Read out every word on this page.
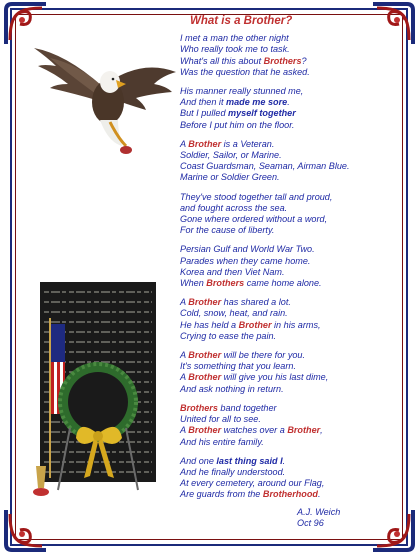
What is a Brother?
I met a man the other night
Who really took me to task.
What's all this about Brothers?
Was the question that he asked.
His manner really stunned me,
And then it made me sore.
But I pulled myself together
Before I put him on the floor.
A Brother is a Veteran.
Soldier, Sailor, or Marine.
Coast Guardsman, Seaman, Airman Blue.
Marine or Soldier Green.
They've stood together tall and proud,
and fought across the sea.
Gone where ordered without a word,
For the cause of liberty.
Persian Gulf and World War Two.
Parades when they came home.
Korea and then Viet Nam.
When Brothers came home alone.
A Brother has shared a lot.
Cold, snow, heat, and rain.
He has held a Brother in his arms,
Crying to ease the pain.
A Brother will be there for you.
It's something that you learn.
A Brother will give you his last dime,
And ask nothing in return.
Brothers band together
United for all to see.
A Brother watches over a Brother,
And his entire family.
And one last thing said I.
And he finally understood.
At every cemetery, around our Flag,
Are guards from the Brotherhood.
A.J. Weich
Oct 96
